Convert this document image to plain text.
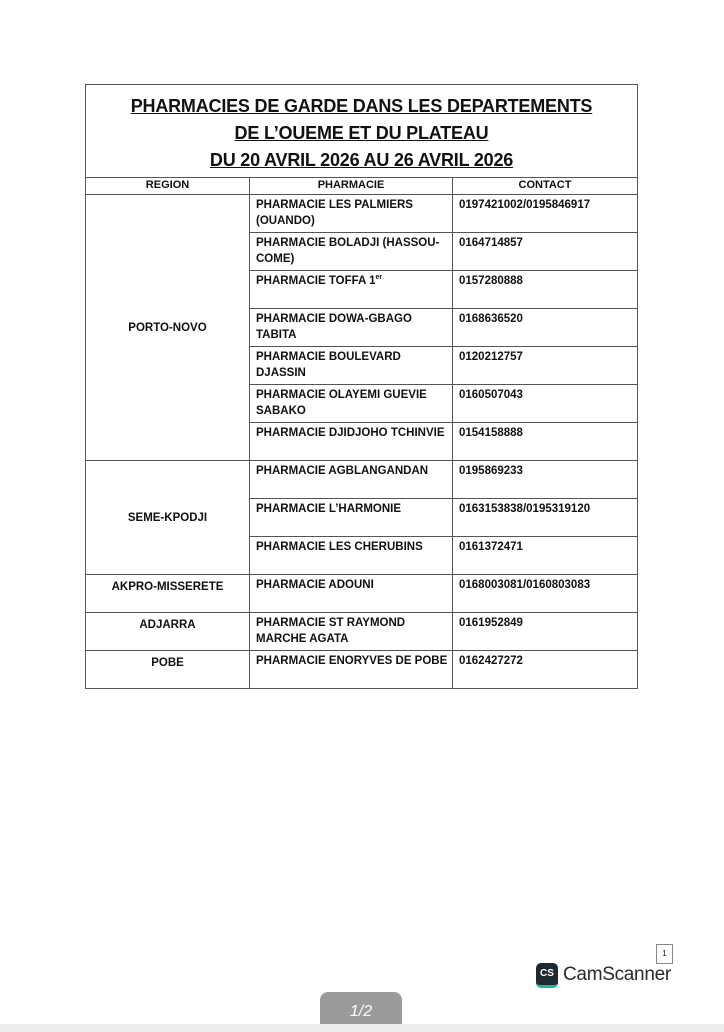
PHARMACIES DE GARDE DANS LES DEPARTEMENTS
DE L’OUEME ET DU PLATEAU
DU 20 AVRIL 2026 AU 26 AVRIL 2026		

REGION	PHARMACIE	CONTACT
PORTO-NOVO	PHARMACIE LES PALMIERS (OUANDO)	0197421002/0195846917
	PHARMACIE BOLADJI (HASSOU-COME)	0164714857
	PHARMACIE TOFFA 1er	0157280888
	PHARMACIE DOWA-GBAGO TABITA	0168636520
	PHARMACIE BOULEVARD DJASSIN	0120212757
	PHARMACIE OLAYEMI GUEVIE SABAKO	0160507043
	PHARMACIE DJIDJOHO TCHINVIE	0154158888
SEME-KPODJI	PHARMACIE AGBLANGANDAN	0195869233
	PHARMACIE L’HARMONIE	0163153838/0195319120
	PHARMACIE LES CHERUBINS	0161372471
AKPRO-MISSERETE	PHARMACIE ADOUNI	0168003081/0160803083
ADJARRA	PHARMACIE ST RAYMOND MARCHE AGATA	0161952849
POBE	PHARMACIE ENORYVES DE POBE	0162427272
1
CS CamScanner
1/2
